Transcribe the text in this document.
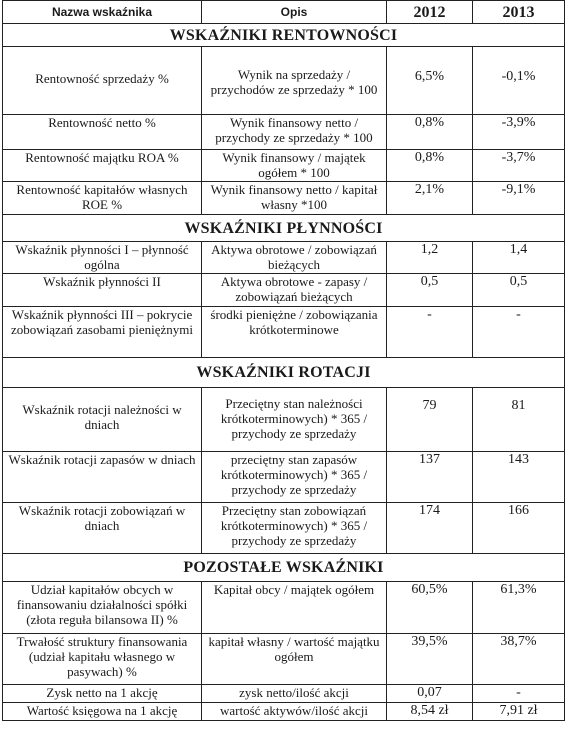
Nazwa wskaźnika	Opis	2012	2013
WSKAŹNIKI RENTOWNOŚCI			

Rentowność sprzedaży %	Wynik na sprzedaży / przychodów ze sprzedaży * 100	6,5%	-0,1%
Rentowność netto %	Wynik finansowy netto / przychody ze sprzedaży * 100	0,8%	-3,9%
Rentowność majątku ROA %	Wynik finansowy / majątek ogółem * 100	0,8%	-3,7%
Rentowność kapitałów własnych ROE %	Wynik finansowy netto / kapitał własny *100	2,1%	-9,1%
WSKAŹNIKI PŁYNNOŚCI			
Wskaźnik płynności I – płynność ogólna	Aktywa obrotowe / zobowiązań bieżących	1,2	1,4
Wskaźnik płynności II	Aktywa obrotowe - zapasy / zobowiązań bieżących	0,5	0,5
Wskaźnik płynności III – pokrycie zobowiązań zasobami pieniężnymi	środki pieniężne / zobowiązania krótkoterminowe	-	-
WSKAŹNIKI ROTACJI			

Wskaźnik rotacji należności w dniach	Przeciętny stan należności krótkoterminowych) * 365 / przychody ze sprzedaży	79	81
Wskaźnik rotacji zapasów w dniach	przeciętny stan zapasów krótkoterminowych) * 365 / przychody ze sprzedaży	137	143
Wskaźnik rotacji zobowiązań w dniach	Przeciętny stan zobowiązań krótkoterminowych) * 365 / przychody ze sprzedaży	174	166
POZOSTAŁE WSKAŹNIKI			
Udział kapitałów obcych w finansowaniu działalności spółki (złota reguła bilansowa II) %	Kapitał obcy / majątek ogółem	60,5%	61,3%
Trwałość struktury finansowania (udział kapitału własnego w pasywach) %	kapitał własny / wartość majątku ogółem	39,5%	38,7%
Zysk netto na 1 akcję	zysk netto/ilość akcji	0,07	-
Wartość księgowa na 1 akcję	wartość aktywów/ilość akcji	8,54 zł	7,91 zł
